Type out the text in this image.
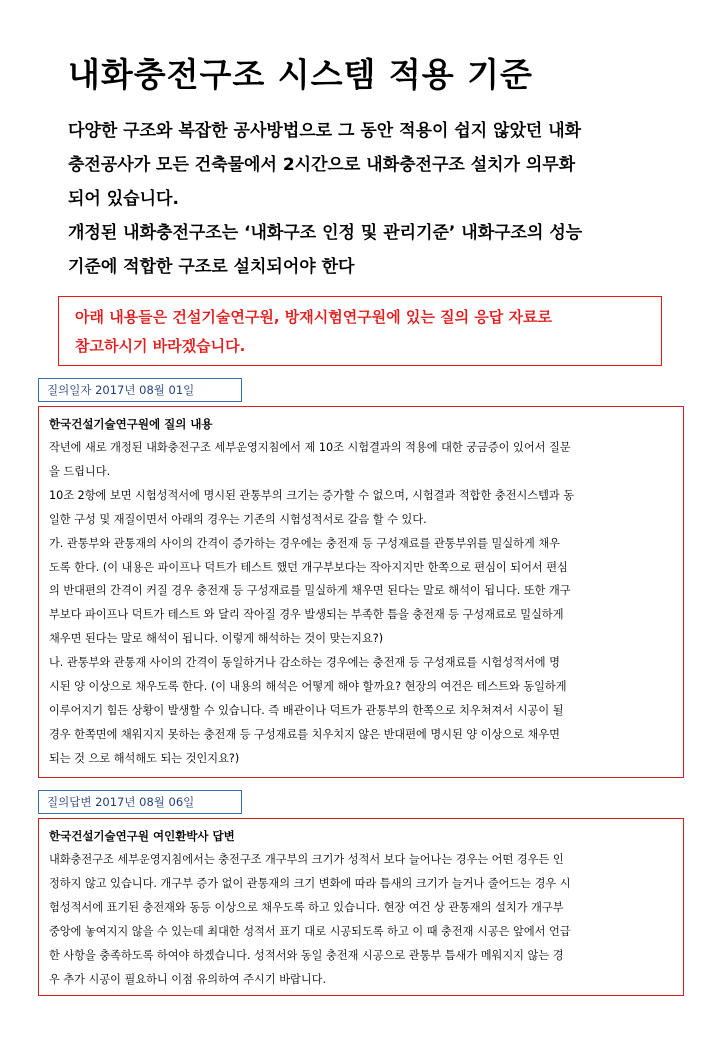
내화충전구조 시스템 적용 기준

다양한 구조와 복잡한 공사방법으로 그 동안 적용이 쉽지 않았던 내화

충전공사가 모든 건축물에서 2시간으로 내화충전구조 설치가 의무화

되어 있습니다.

개정된 내화충전구조는 ‘내화구조 인정 및 관리기준’ 내화구조의 성능

기준에 적합한 구조로 설치되어야 한다

아래 내용들은 건설기술연구원, 방재시험연구원에 있는 질의 응답 자료로

참고하시기 바라겠습니다.

질의일자 2017년 08월 01일

한국건설기술연구원에 질의 내용

작년에 새로 개정된 내화충전구조 세부운영지침에서 제 10조 시험결과의 적용에 대한 궁금증이 있어서 질문

을 드립니다.

10조 2항에 보면 시험성적서에 명시된 관통부의 크기는 증가할 수 없으며, 시험결과 적합한 충전시스템과 동

일한 구성 및 재질이면서 아래의 경우는 기존의 시험성적서로 갈음 할 수 있다.

가. 관통부와 관통재의 사이의 간격이 증가하는 경우에는 충전재 등 구성재료를 관통부위를 밀실하게 채우

도록 한다. (이 내용은 파이프나 덕트가 테스트 했던 개구부보다는 작아지지만 한쪽으로 편심이 되어서 편심

의 반대편의 간격이 커질 경우 충전재 등 구성재료를 밀실하게 채우면 된다는 말로 해석이 됩니다. 또한 개구

부보다 파이프나 덕트가 테스트 와 달리 작아질 경우 발생되는 부족한 틈을 충전재 등 구성재료로 밀실하게

채우면 된다는 말로 해석이 됩니다. 이렇게 해석하는 것이 맞는지요?)

나. 관통부와 관통재 사이의 간격이 동일하거나 감소하는 경우에는 충전재 등 구성재료를 시험성적서에 명

시된 양 이상으로 채우도록 한다. (이 내용의 해석은 어떻게 해야 할까요? 현장의 여건은 테스트와 동일하게

이루어지기 힘든 상황이 발생할 수 있습니다. 즉 배관이나 덕트가 관통부의 한쪽으로 치우쳐져서 시공이 될

경우 한쪽면에 채워지지 못하는 충전재 등 구성재료를 치우치지 않은 반대편에 명시된 양 이상으로 채우면

되는 것 으로 해석해도 되는 것인지요?)

질의답변 2017년 08월 06일

한국건설기술연구원 여인환박사 답변

내화충전구조 세부운영지침에서는 충전구조 개구부의 크기가 성적서 보다 늘어나는 경우는 어떤 경우든 인

정하지 않고 있습니다. 개구부 증가 없이 관통재의 크기 변화에 따라 틈새의 크기가 늘거나 줄어드는 경우 시

험성적서에 표기된 충전재와 동등 이상으로 채우도록 하고 있습니다. 현장 여건 상 관통재의 설치가 개구부

중앙에 놓여지지 않을 수 있는데 최대한 성적서 표기 대로 시공되도록 하고 이 때 충전재 시공은 앞에서 언급

한 사항을 충족하도록 하여야 하겠습니다. 성적서와 동일 충전재 시공으로 관통부 틈새가 메워지지 않는 경

우 추가 시공이 필요하니 이점 유의하여 주시기 바랍니다.
